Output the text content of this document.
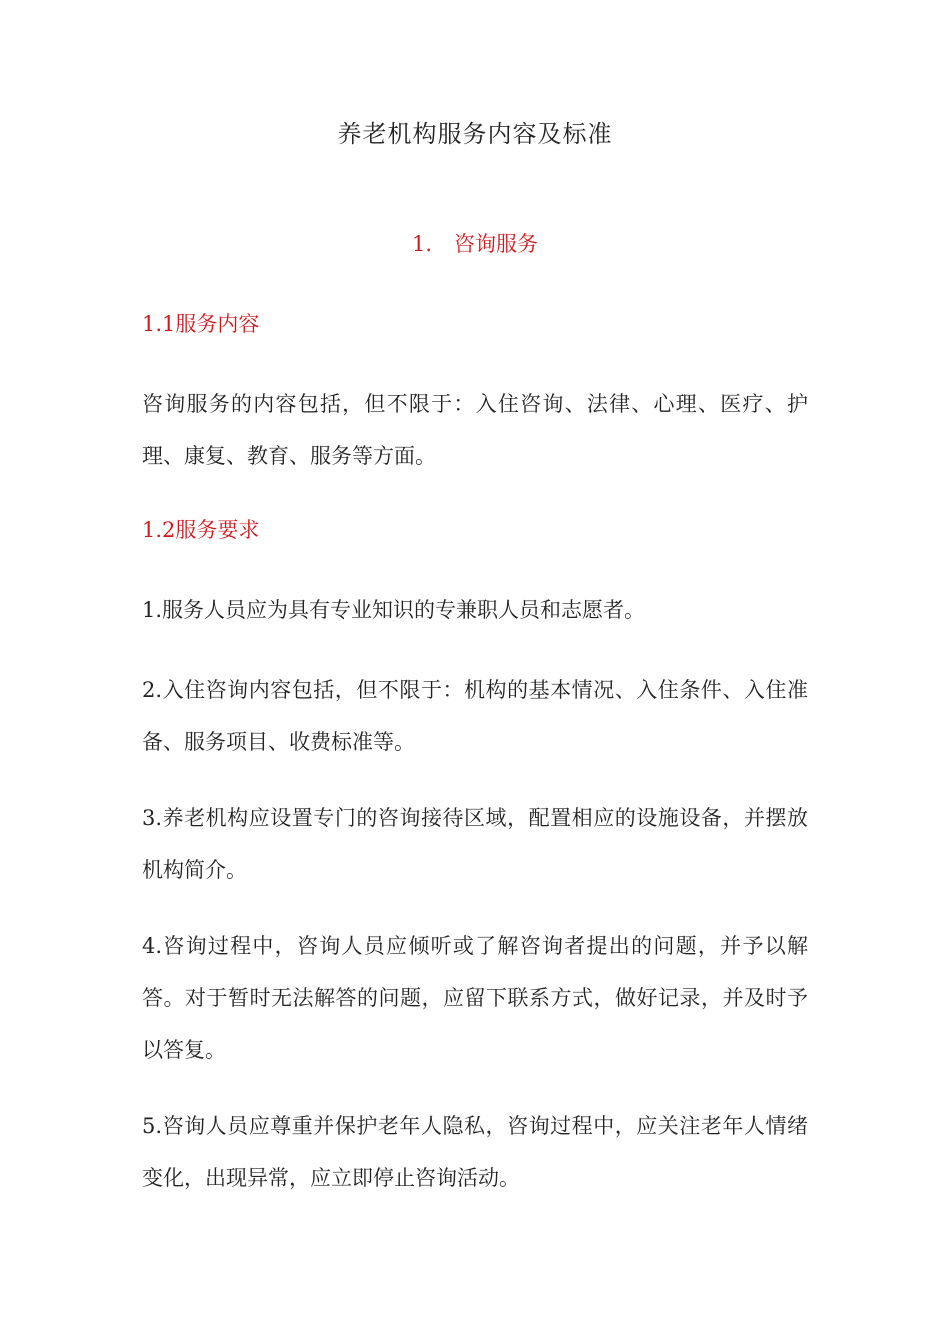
养老机构服务内容及标准
1. 咨询服务
1.1服务内容

咨询服务的内容包括，但不限于：入住咨询、法律、心理、医疗、护理、康复、教育、服务等方面。

1.2服务要求

1.服务人员应为具有专业知识的专兼职人员和志愿者。

2.入住咨询内容包括，但不限于：机构的基本情况、入住条件、入住准备、服务项目、收费标准等。

3.养老机构应设置专门的咨询接待区域，配置相应的设施设备，并摆放机构简介。

4.咨询过程中，咨询人员应倾听或了解咨询者提出的问题，并予以解答。对于暂时无法解答的问题，应留下联系方式，做好记录，并及时予以答复。

5.咨询人员应尊重并保护老年人隐私，咨询过程中，应关注老年人情绪变化，出现异常，应立即停止咨询活动。
